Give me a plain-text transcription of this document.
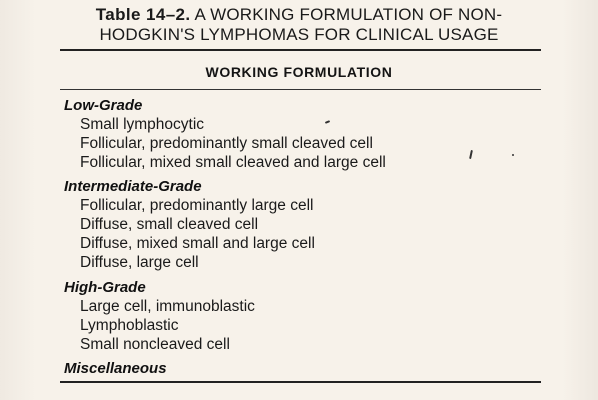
Table 14–2. A WORKING FORMULATION OF NON-
HODGKIN'S LYMPHOMAS FOR CLINICAL USAGE
WORKING FORMULATION
Low-Grade
Small lymphocytic
Follicular, predominantly small cleaved cell
Follicular, mixed small cleaved and large cell
Intermediate-Grade
Follicular, predominantly large cell
Diffuse, small cleaved cell
Diffuse, mixed small and large cell
Diffuse, large cell
High-Grade
Large cell, immunoblastic
Lymphoblastic
Small noncleaved cell
Miscellaneous
